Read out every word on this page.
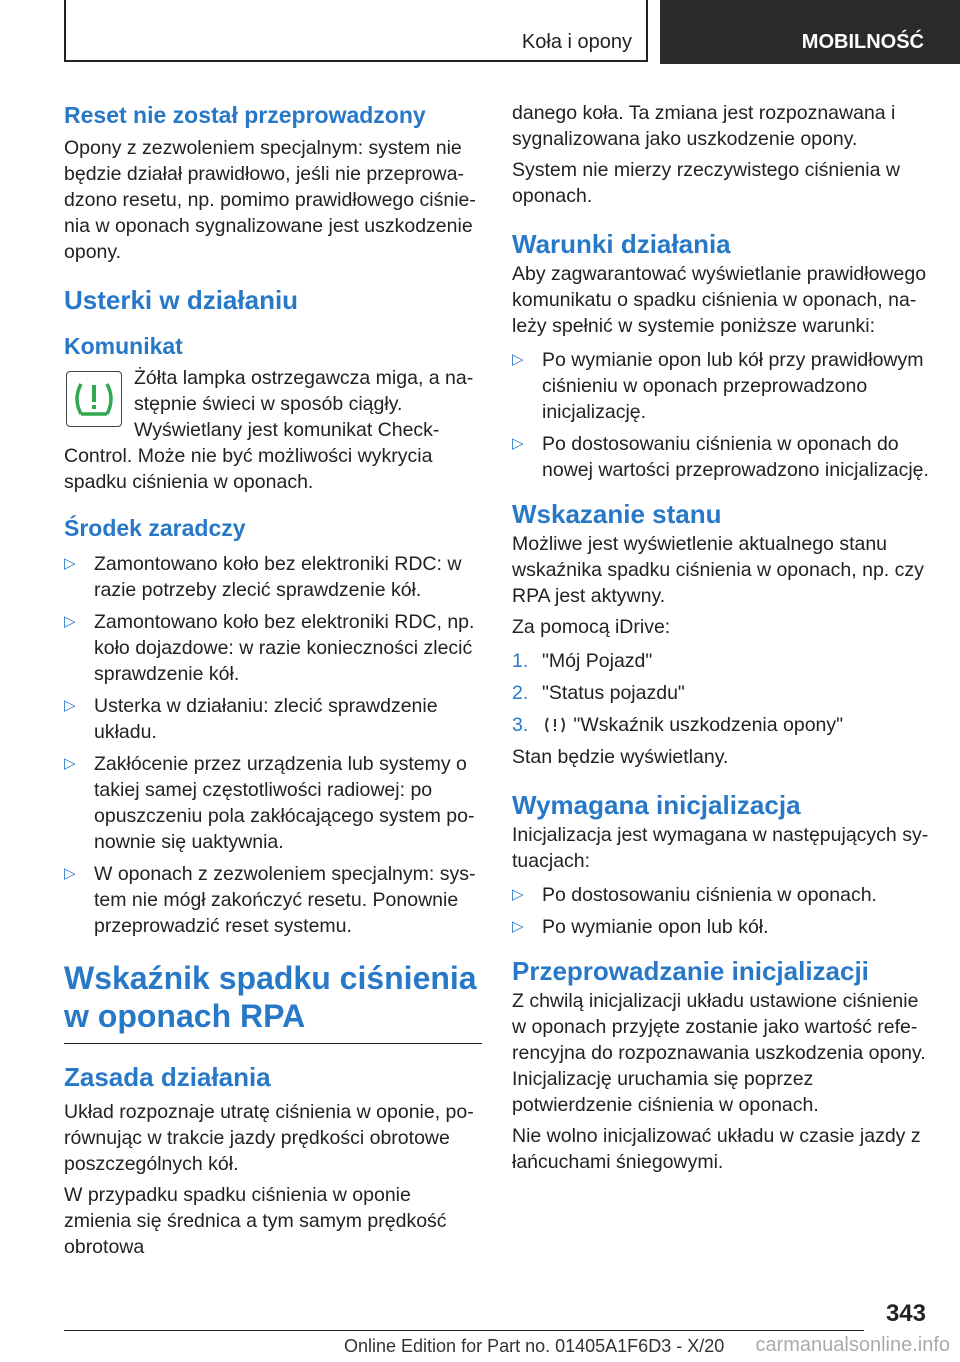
Koła i opony	MOBILNOŚĆ
Reset nie został przeprowadzony

Opony z zezwoleniem specjalnym: system nie będzie działał prawidłowo, jeśli nie przeprowadzono resetu, np. pomimo prawidłowego ciśnienia w oponach sygnalizowane jest uszkodzenie opony.

Usterki w działaniu
Komunikat

Żółta lampka ostrzegawcza miga, a następnie świeci w sposób ciągły. Wyświetlany jest komunikat Check-Control. Może nie być możliwości wykrycia spadku ciśnienia w oponach.

Środek zaradczy
▷ Zamontowano koło bez elektroniki RDC: w razie potrzeby zlecić sprawdzenie kół.
▷ Zamontowano koło bez elektroniki RDC, np. koło dojazdowe: w razie konieczności zlecić sprawdzenie kół.
▷ Usterka w działaniu: zlecić sprawdzenie układu.
▷ Zakłócenie przez urządzenia lub systemy o takiej samej częstotliwości radiowej: po opuszczeniu pola zakłócającego system ponownie się uaktywnia.
▷ W oponach z zezwoleniem specjalnym: system nie mógł zakończyć resetu. Ponownie przeprowadzić reset systemu.
Wskaźnik spadku ciśnienia w oponach RPA
Zasada działania

Układ rozpoznaje utratę ciśnienia w oponie, porównując w trakcie jazdy prędkości obrotowe poszczególnych kół.

W przypadku spadku ciśnienia w oponie zmienia się średnica a tym samym prędkość obrotowa

danego koła. Ta zmiana jest rozpoznawana i sygnalizowana jako uszkodzenie opony.

System nie mierzy rzeczywistego ciśnienia w oponach.

Warunki działania

Aby zagwarantować wyświetlanie prawidłowego komunikatu o spadku ciśnienia w oponach, należy spełnić w systemie poniższe warunki:

▷ Po wymianie opon lub kół przy prawidłowym ciśnieniu w oponach przeprowadzono inicjalizację.
▷ Po dostosowaniu ciśnienia w oponach do nowej wartości przeprowadzono inicjalizację.
Wskazanie stanu

Możliwe jest wyświetlenie aktualnego stanu wskaźnika spadku ciśnienia w oponach, np. czy RPA jest aktywny.

Za pomocą iDrive:

1. "Mój Pojazd"
2. "Status pojazdu"
3. "Wskaźnik uszkodzenia opony"

Stan będzie wyświetlany.

Wymagana inicjalizacja

Inicjalizacja jest wymagana w następujących sytuacjach:

▷ Po dostosowaniu ciśnienia w oponach.
▷ Po wymianie opon lub kół.
Przeprowadzanie inicjalizacji

Z chwilą inicjalizacji układu ustawione ciśnienie w oponach przyjęte zostanie jako wartość referencyjna do rozpoznawania uszkodzenia opony. Inicjalizację uruchamia się poprzez potwierdzenie ciśnienia w oponach.

Nie wolno inicjalizować układu w czasie jazdy z łańcuchami śniegowymi.

343
Online Edition for Part no. 01405A1F6D3 - X/20 carmanualsonline.info
